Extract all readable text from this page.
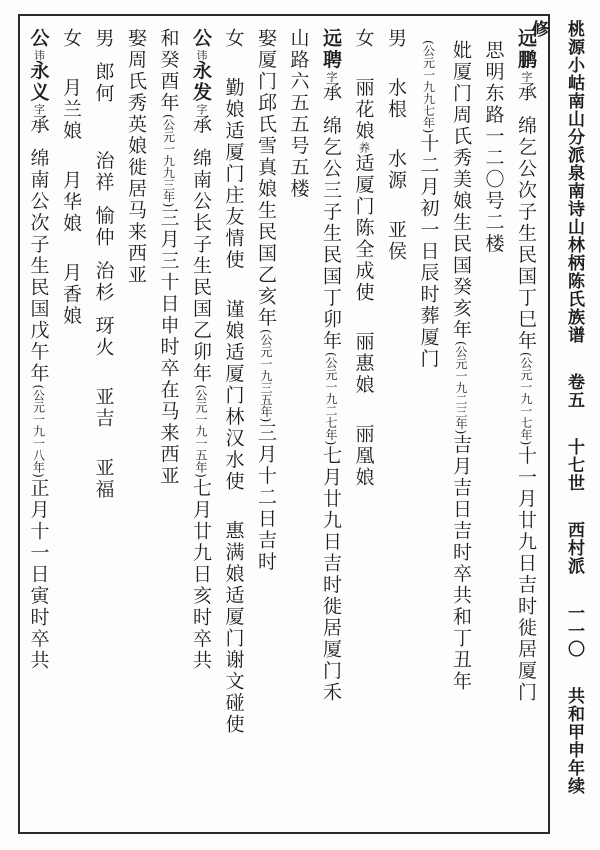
桃源小岵南山分派泉南诗山林柄陈氏族谱 卷五 十七世 西村派 一一〇 共和甲申年续修
远鹏字承绵乞公次子生民国丁巳年(公元一九一七年)十一月廿九日吉时徙居厦门
思明东路一二〇号二楼
妣厦门周氏秀美娘生民国癸亥年(公元一九二三年)吉月吉日吉时卒共和丁丑年
(公元一九九七年)十二月初一日辰时葬厦门
男水根水源亚侯
女丽花娘养适厦门陈全成使丽惠娘丽凰娘
远聘字承绵乞公三子生民国丁卯年(公元一九二七年)七月廿九日吉时徙居厦门禾
山路六五五号五楼
娶厦门邱氏雪真娘生民国乙亥年(公元一九三五年)三月十二日吉时
女勤娘适厦门庄友情使谨娘适厦门林汉水使惠满娘适厦门谢文碰使
公讳永发字承绵南公长子生民国乙卯年(公元一九一五年)七月廿九日亥时卒共
和癸酉年(公元一九九三年)三月三十日申时卒在马来西亚
娶周氏秀英娘徙居马来西亚
男郎何治祥愉仲治杉玡火亚吉亚福
女月兰娘月华娘月香娘
公讳永义字承绵南公次子生民国戊午年(公元一九一八年)正月十一日寅时卒共
